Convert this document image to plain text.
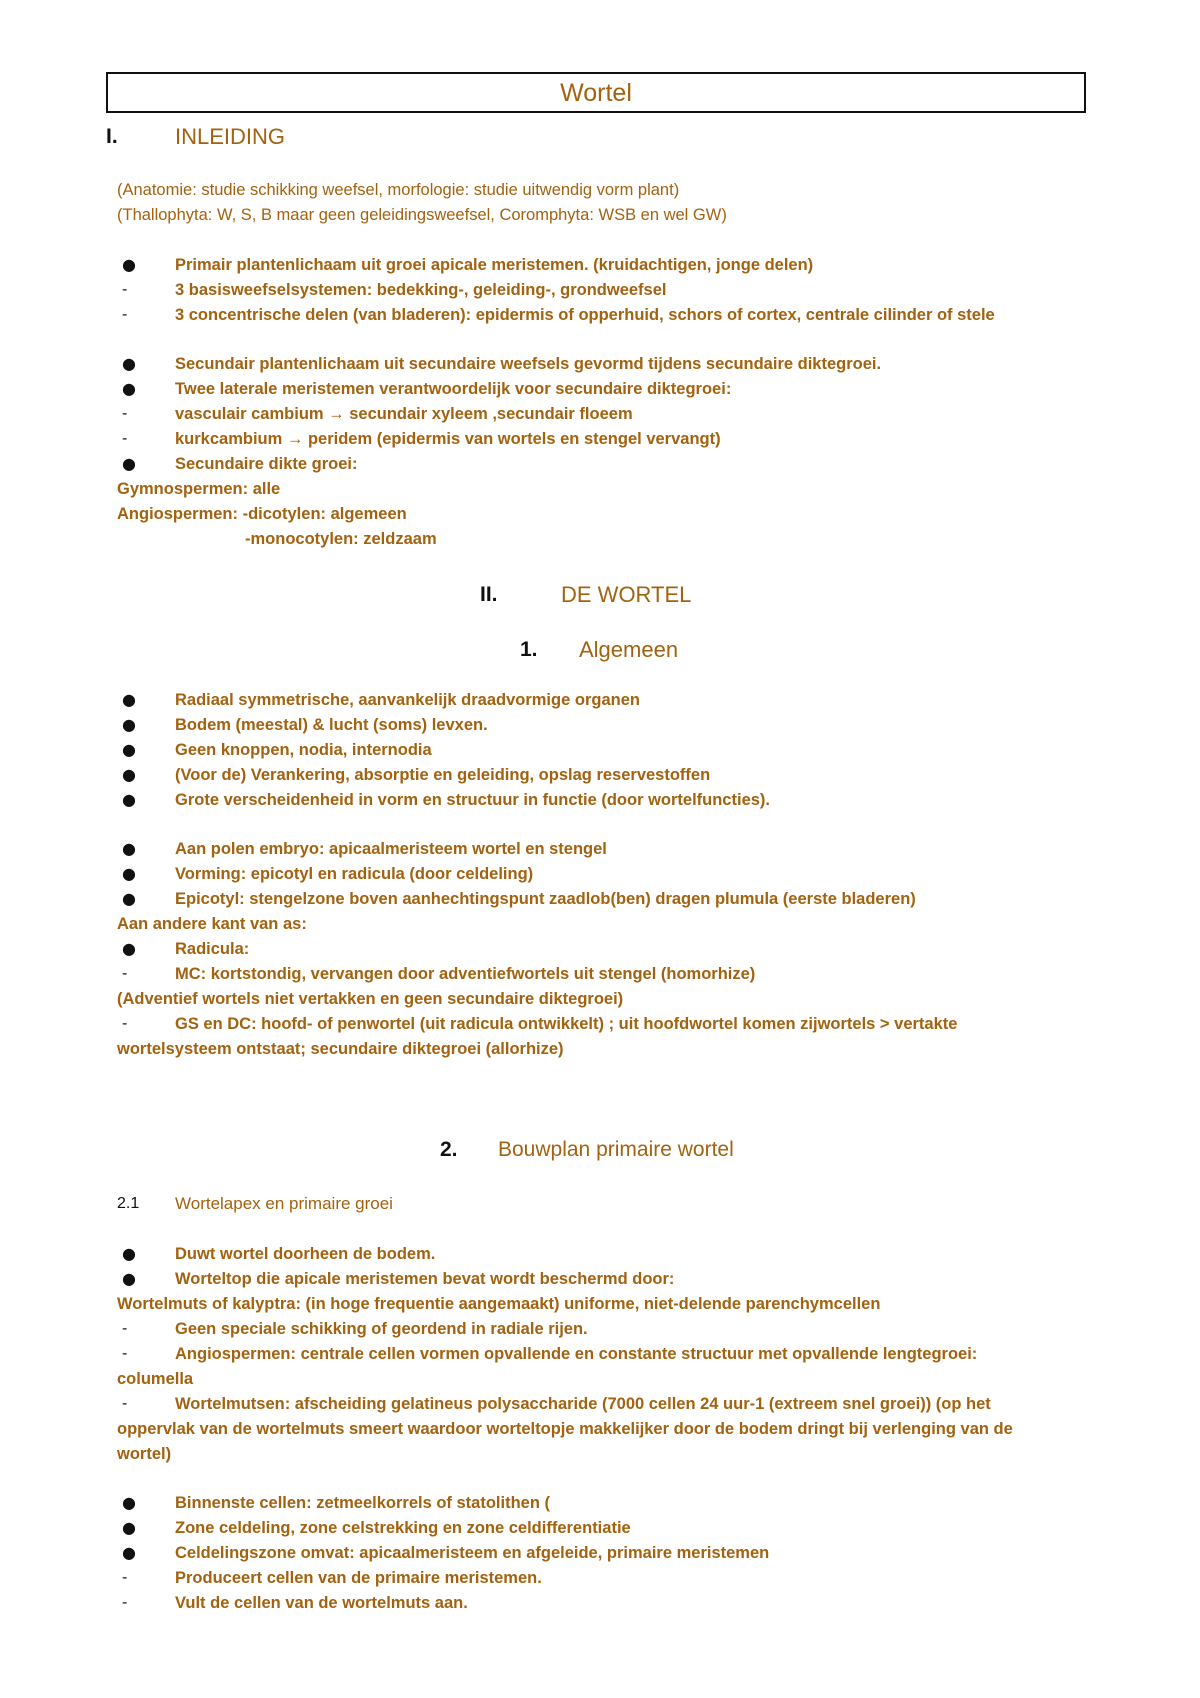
Wortel
I.	INLEIDING
(Anatomie: studie schikking weefsel, morfologie: studie uitwendig vorm plant)
(Thallophyta: W, S, B maar geen geleidingsweefsel, Coromphyta: WSB en wel GW)
● Primair plantenlichaam uit groei apicale meristemen. (kruidachtigen, jonge delen)
-	3 basisweefselsystemen: bedekking-, geleiding-, grondweefsel
-	3 concentrische delen (van bladeren): epidermis of opperhuid, schors of cortex, centrale cilinder of stele
● Secundair plantenlichaam uit secundaire weefsels gevormd tijdens secundaire diktegroei.
● Twee laterale meristemen verantwoordelijk voor secundaire diktegroei:
-	vasculair cambium → secundair xyleem ,secundair floeem
-	kurkcambium → peridem (epidermis van wortels en stengel vervangt)
● Secundaire dikte groei:
Gymnospermen: alle
Angiospermen: -dicotylen: algemeen
-monocotylen: zeldzaam
II.	DE WORTEL
1. Algemeen
● Radiaal symmetrische, aanvankelijk draadvormige organen
● Bodem (meestal) & lucht (soms) levxen.
● Geen knoppen, nodia, internodia
● (Voor de) Verankering, absorptie en geleiding, opslag reservestoffen
● Grote verscheidenheid in vorm en structuur in functie (door wortelfuncties).
● Aan polen embryo: apicaalmeristeem wortel en stengel
● Vorming: epicotyl en radicula (door celdeling)
● Epicotyl: stengelzone boven aanhechtingspunt zaadlob(ben) dragen plumula (eerste bladeren)
Aan andere kant van as:
● Radicula:
-	MC: kortstondig, vervangen door adventiefwortels uit stengel (homorhize)
(Adventief wortels niet vertakken en geen secundaire diktegroei)
-	GS en DC: hoofd- of penwortel (uit radicula ontwikkelt) ; uit hoofdwortel komen zijwortels > vertakte
wortelsysteem ontstaat; secundaire diktegroei (allorhize)
2. Bouwplan primaire wortel
2.1 Wortelapex en primaire groei
● Duwt wortel doorheen de bodem.
● Worteltop die apicale meristemen bevat wordt beschermd door:
Wortelmuts of kalyptra: (in hoge frequentie aangemaakt) uniforme, niet-delende parenchymcellen
-	Geen speciale schikking of geordend in radiale rijen.
-	Angiospermen: centrale cellen vormen opvallende en constante structuur met opvallende lengtegroei:
columella
-	Wortelmutsen: afscheiding gelatineus polysaccharide (7000 cellen 24 uur-1 (extreem snel groei)) (op het
oppervlak van de wortelmuts smeert waardoor worteltopje makkelijker door de bodem dringt bij verlenging van de
wortel)
● Binnenste cellen: zetmeelkorrels of statolithen (
● Zone celdeling, zone celstrekking en zone celdifferentiatie
● Celdelingszone omvat: apicaalmeristeem en afgeleide, primaire meristemen
-	Produceert cellen van de primaire meristemen.
-	Vult de cellen van de wortelmuts aan.
